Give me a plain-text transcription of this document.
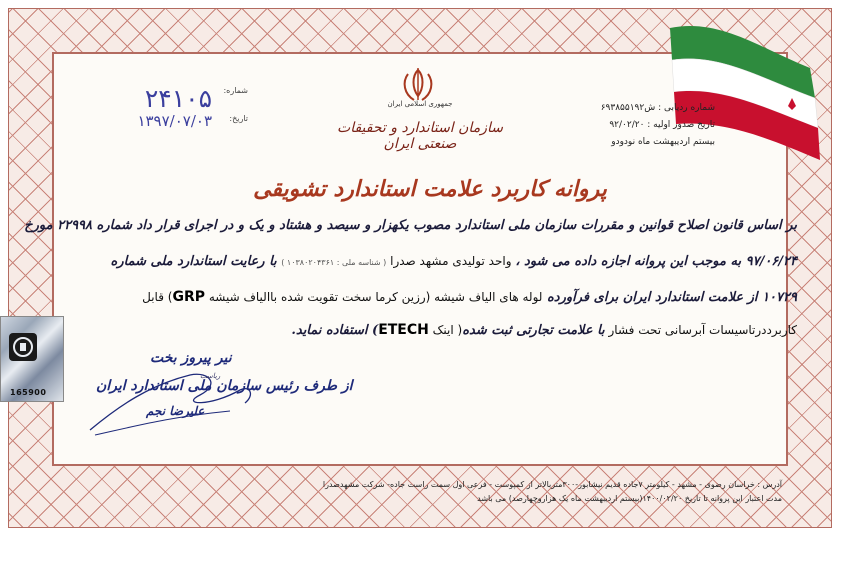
شماره:
۲۴۱۰۵
تاریخ:
۱۳۹۷/۰۷/۰۳
جمهوری اسلامی ایران
سازمان استاندارد و تحقیقات صنعتی ایران
شماره ردیابی : ش۶۹۳۸۵۵۱۹۲
تاریخ صدور اولیه : ۹۲/۰۲/۲۰
بیستم اردیبهشت ماه نودودو
پروانه کاربرد علامت استاندارد تشویقی
بر اساس قانون اصلاح قوانین و مقررات سازمان ملی استاندارد مصوب یکهزار و سیصد و هشتاد و یک و در اجرای قرار داد شماره ۲۲۹۹۸ مورخ
۹۷/۰۶/۲۴ به موجب این پروانه اجازه داده می شود ، واحد تولیدی مشهد صدرا ( شناسه ملی : ۱۰۳۸۰۲۰۴۳۶۱ ) با رعایت استاندارد ملی شماره
۱۰۷۲۹ از علامت استاندارد ایران برای فرآورده لوله های الیاف شیشه (رزین کرما سخت تقویت شده باالیاف شیشه GRP) قابل
کاربرددرتاسیسات آبرسانی تحت فشار با علامت تجارتی ثبت شده( اینک ETECH) استفاده نماید.
165900
نیر پیروز بخت
ریاست
از طرف رئیس سازمان ملی استاندارد ایران
علیرضا نجم
آدرس : خراسان رضوی - مشهد - کیلومتر ۷جاده قدیم نیشابور-۳۰۰متربالاتر از کمپوست - فرعی اول سمت راست جاده- شرکت مشهدصدرا
مدت اعتبار این پروانه تا تاریخ ۱۴۰۰/۰۲/۲۰(بیستم اردیبهشت ماه یک هزاروچهارصد) می باشد
